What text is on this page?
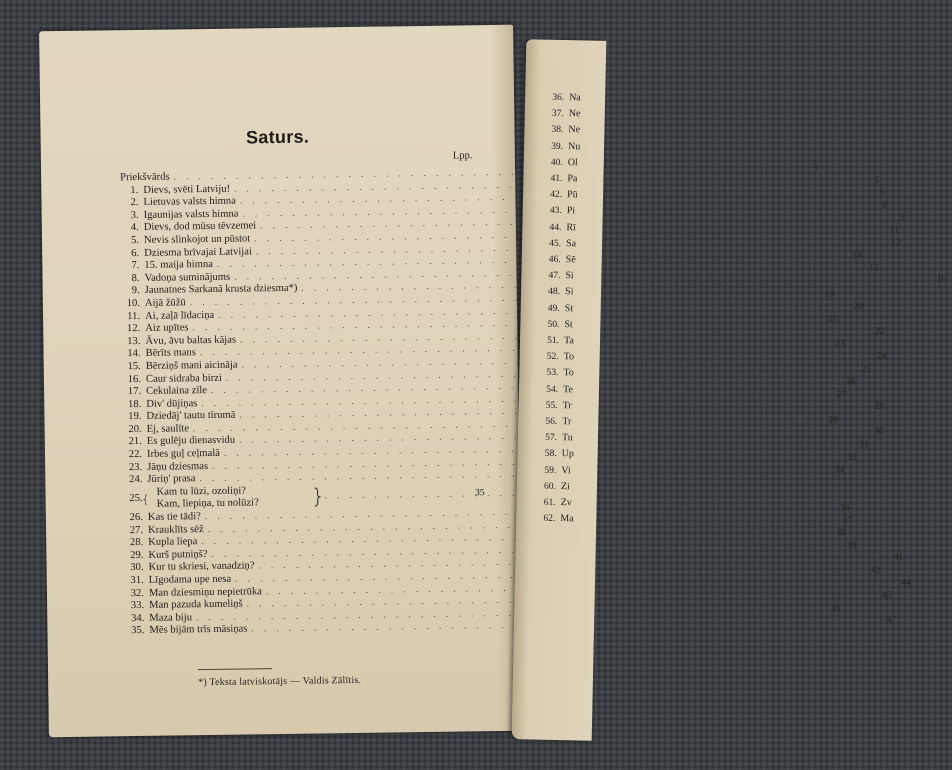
Saturs.
Lpp.
Priekšvārds
. . .
3
1. Dievs, svēti Latviju!
. . .
5
2. Lietuvas valsts himna
. . .
6
3. Igaunijas valsts himna
. . .
8
4. Dievs, dod mūsu tēvzemei
. . .
9
5. Nevis slinkojot un pūstot
. . .
11
6. Dziesma brīvajai Latvijai
. . .
12
7. 15. maija himna
. . .
14
8. Vadoņa suminājums
. . .
15
9. Jaunatnes Sarkanā krusta dziesma*)
. . .
16
10. Aijā žūžū
. . .
19
11. Ai, zaļā līdaciņa
. . .
20
12. Aiz upītes
. . .
21
13. Āvu, āvu baltas kājas
. . .
22
14. Bērīts mans
. . .
23
15. Bērziņš mani aicināja
. . .
24
16. Caur sidraba birzi
. . .
25
17. Cekulaina zīle
. . .
26
18. Div' dūjiņas
. . .
27
19. Dziedāj' tautu tīrumā
. . .
28
20. Ej, saulīte
. . .
29
21. Es gulēju dienasvidu
. . .
30
22. Irbes guļ ceļmalā
. . .
31
23. Jāņu dziesmas
. . .
32
24. Jūriņ' prasa
. . .
34
25.
Kam tu lūzi, ozoliņi?
Kam, liepiņa, tu nolūzi?
. . .
35
26. Kas tie tādi?
. . .
36
27. Krauklīts sēž
. . .
37
28. Kupla liepa
. . .
38
29. Kurš putniņš?
. . .
39
30. Kur tu skriesi, vanadziņ?
. . .
41
31. Līgodama upe nesa
. . .
42
32. Man dziesmiņu nepietrūka
. . .
44
33. Man pazuda kumeliņš
. . .
45
34. Maza biju
. . .
45
35. Mēs bijām trīs māsiņas
. . .
47
*) Teksta latviskotājs — Valdis Zālītis.
36. Na
37. Ne
38. Ne
39. Nu
40. Ol
41. Pa
42. Pū
43. Pi
44. Rī
45. Sa
46. Sē
47. Si
48. Si
49. St
50. St
51. Ta
52. To
53. To
54. Te
55. Tr
56. Tr
57. Tu
58. Up
59. Vi
60. Zi
61. Zv
62. Ma
